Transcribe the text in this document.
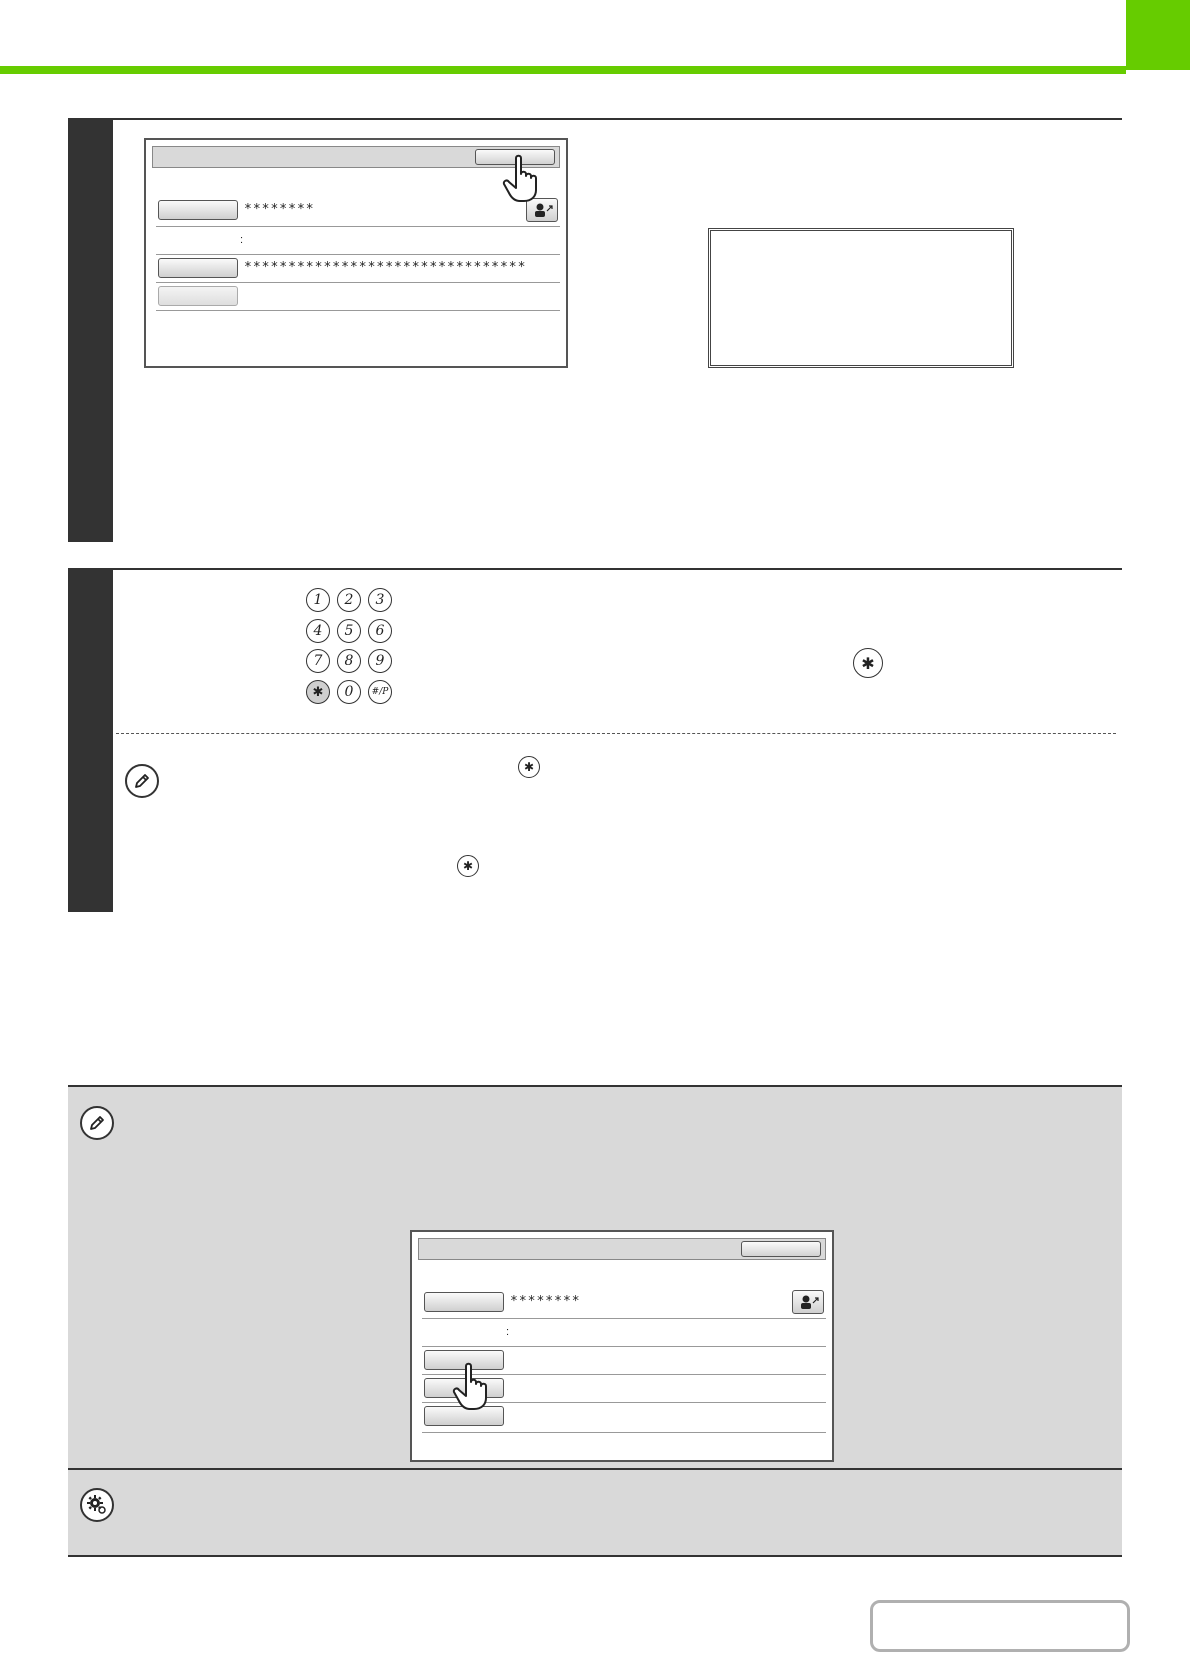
********
:
********************************
1	2	3
4	5	6
7	8	9
✱	0	#/P
✱
✱
✱
********
:
